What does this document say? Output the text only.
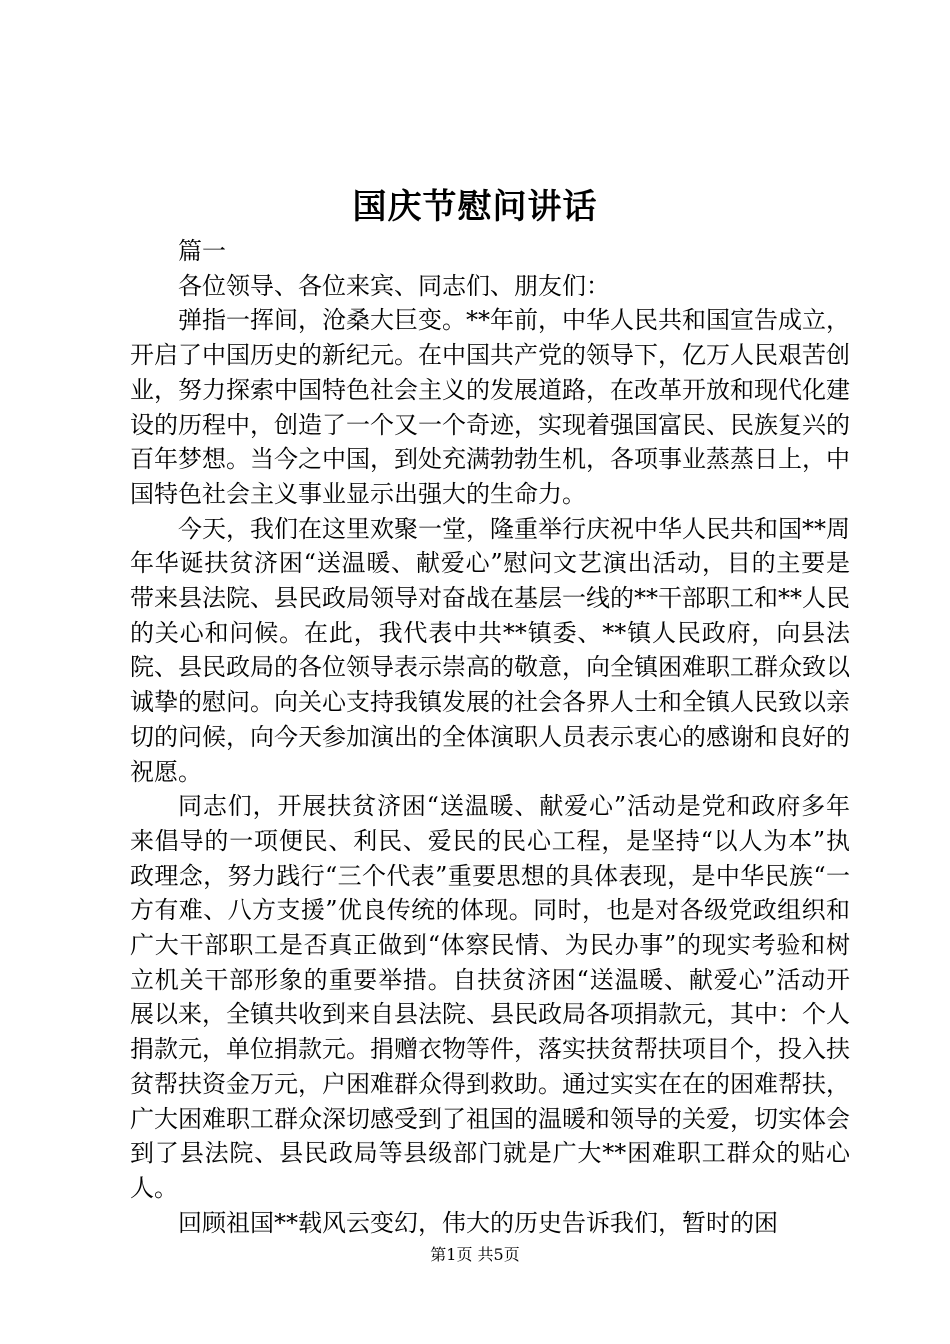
国庆节慰问讲话

篇一

各位领导、各位来宾、同志们、朋友们：

弹指一挥间，沧桑大巨变。**年前，中华人民共和国宣告成立，开启了中国历史的新纪元。在中国共产党的领导下，亿万人民艰苦创业，努力探索中国特色社会主义的发展道路，在改革开放和现代化建设的历程中，创造了一个又一个奇迹，实现着强国富民、民族复兴的百年梦想。当今之中国，到处充满勃勃生机，各项事业蒸蒸日上，中国特色社会主义事业显示出强大的生命力。

今天，我们在这里欢聚一堂，隆重举行庆祝中华人民共和国**周年华诞扶贫济困“送温暖、献爱心”慰问文艺演出活动，目的主要是带来县法院、县民政局领导对奋战在基层一线的**干部职工和**人民的关心和问候。在此，我代表中共**镇委、**镇人民政府，向县法院、县民政局的各位领导表示崇高的敬意，向全镇困难职工群众致以诚挚的慰问。向关心支持我镇发展的社会各界人士和全镇人民致以亲切的问候，向今天参加演出的全体演职人员表示衷心的感谢和良好的祝愿。

同志们，开展扶贫济困“送温暖、献爱心”活动是党和政府多年来倡导的一项便民、利民、爱民的民心工程，是坚持“以人为本”执政理念，努力践行“三个代表”重要思想的具体表现，是中华民族“一方有难、八方支援”优良传统的体现。同时，也是对各级党政组织和广大干部职工是否真正做到“体察民情、为民办事”的现实考验和树立机关干部形象的重要举措。自扶贫济困“送温暖、献爱心”活动开展以来，全镇共收到来自县法院、县民政局各项捐款元，其中：个人捐款元，单位捐款元。捐赠衣物等件，落实扶贫帮扶项目个，投入扶贫帮扶资金万元，户困难群众得到救助。通过实实在在的困难帮扶，广大困难职工群众深切感受到了祖国的温暖和领导的关爱，切实体会到了县法院、县民政局等县级部门就是广大**困难职工群众的贴心人。

回顾祖国**载风云变幻，伟大的历史告诉我们，暂时的困

第1页 共5页
